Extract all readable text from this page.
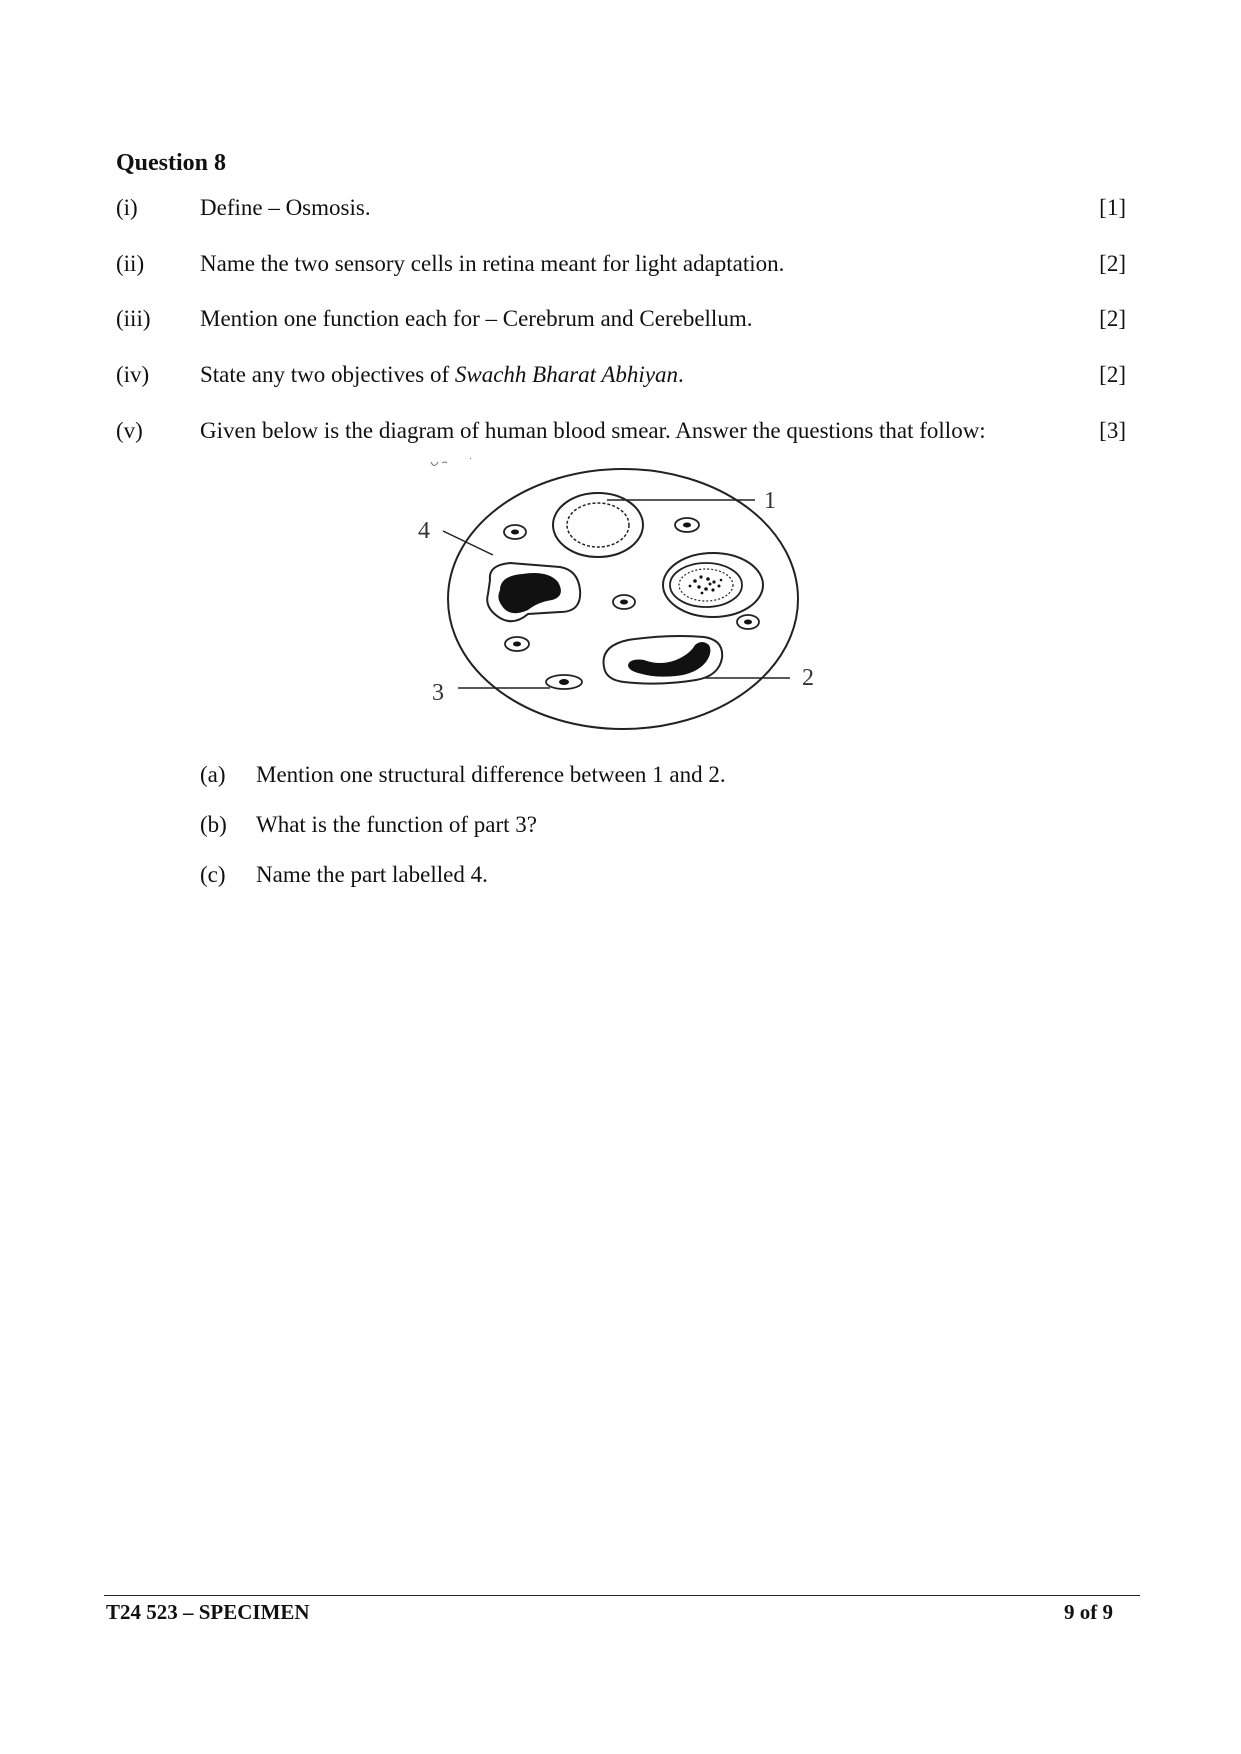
Question 8
(i)	Define – Osmosis.	[1]
(ii) Name the two sensory cells in retina meant for light adaptation.	[2]
(iii) Mention one function each for – Cerebrum and Cerebellum.	[2]
(iv) State any two objectives of Swachh Bharat Abhiyan.	[2]
(v) Given below is the diagram of human blood smear. Answer the questions that follow:	[3]
1
2
3
4
(a) Mention one structural difference between 1 and 2.
(b) What is the function of part 3?
(c) Name the part labelled 4.
T24 523 – SPECIMEN	9 of 9
